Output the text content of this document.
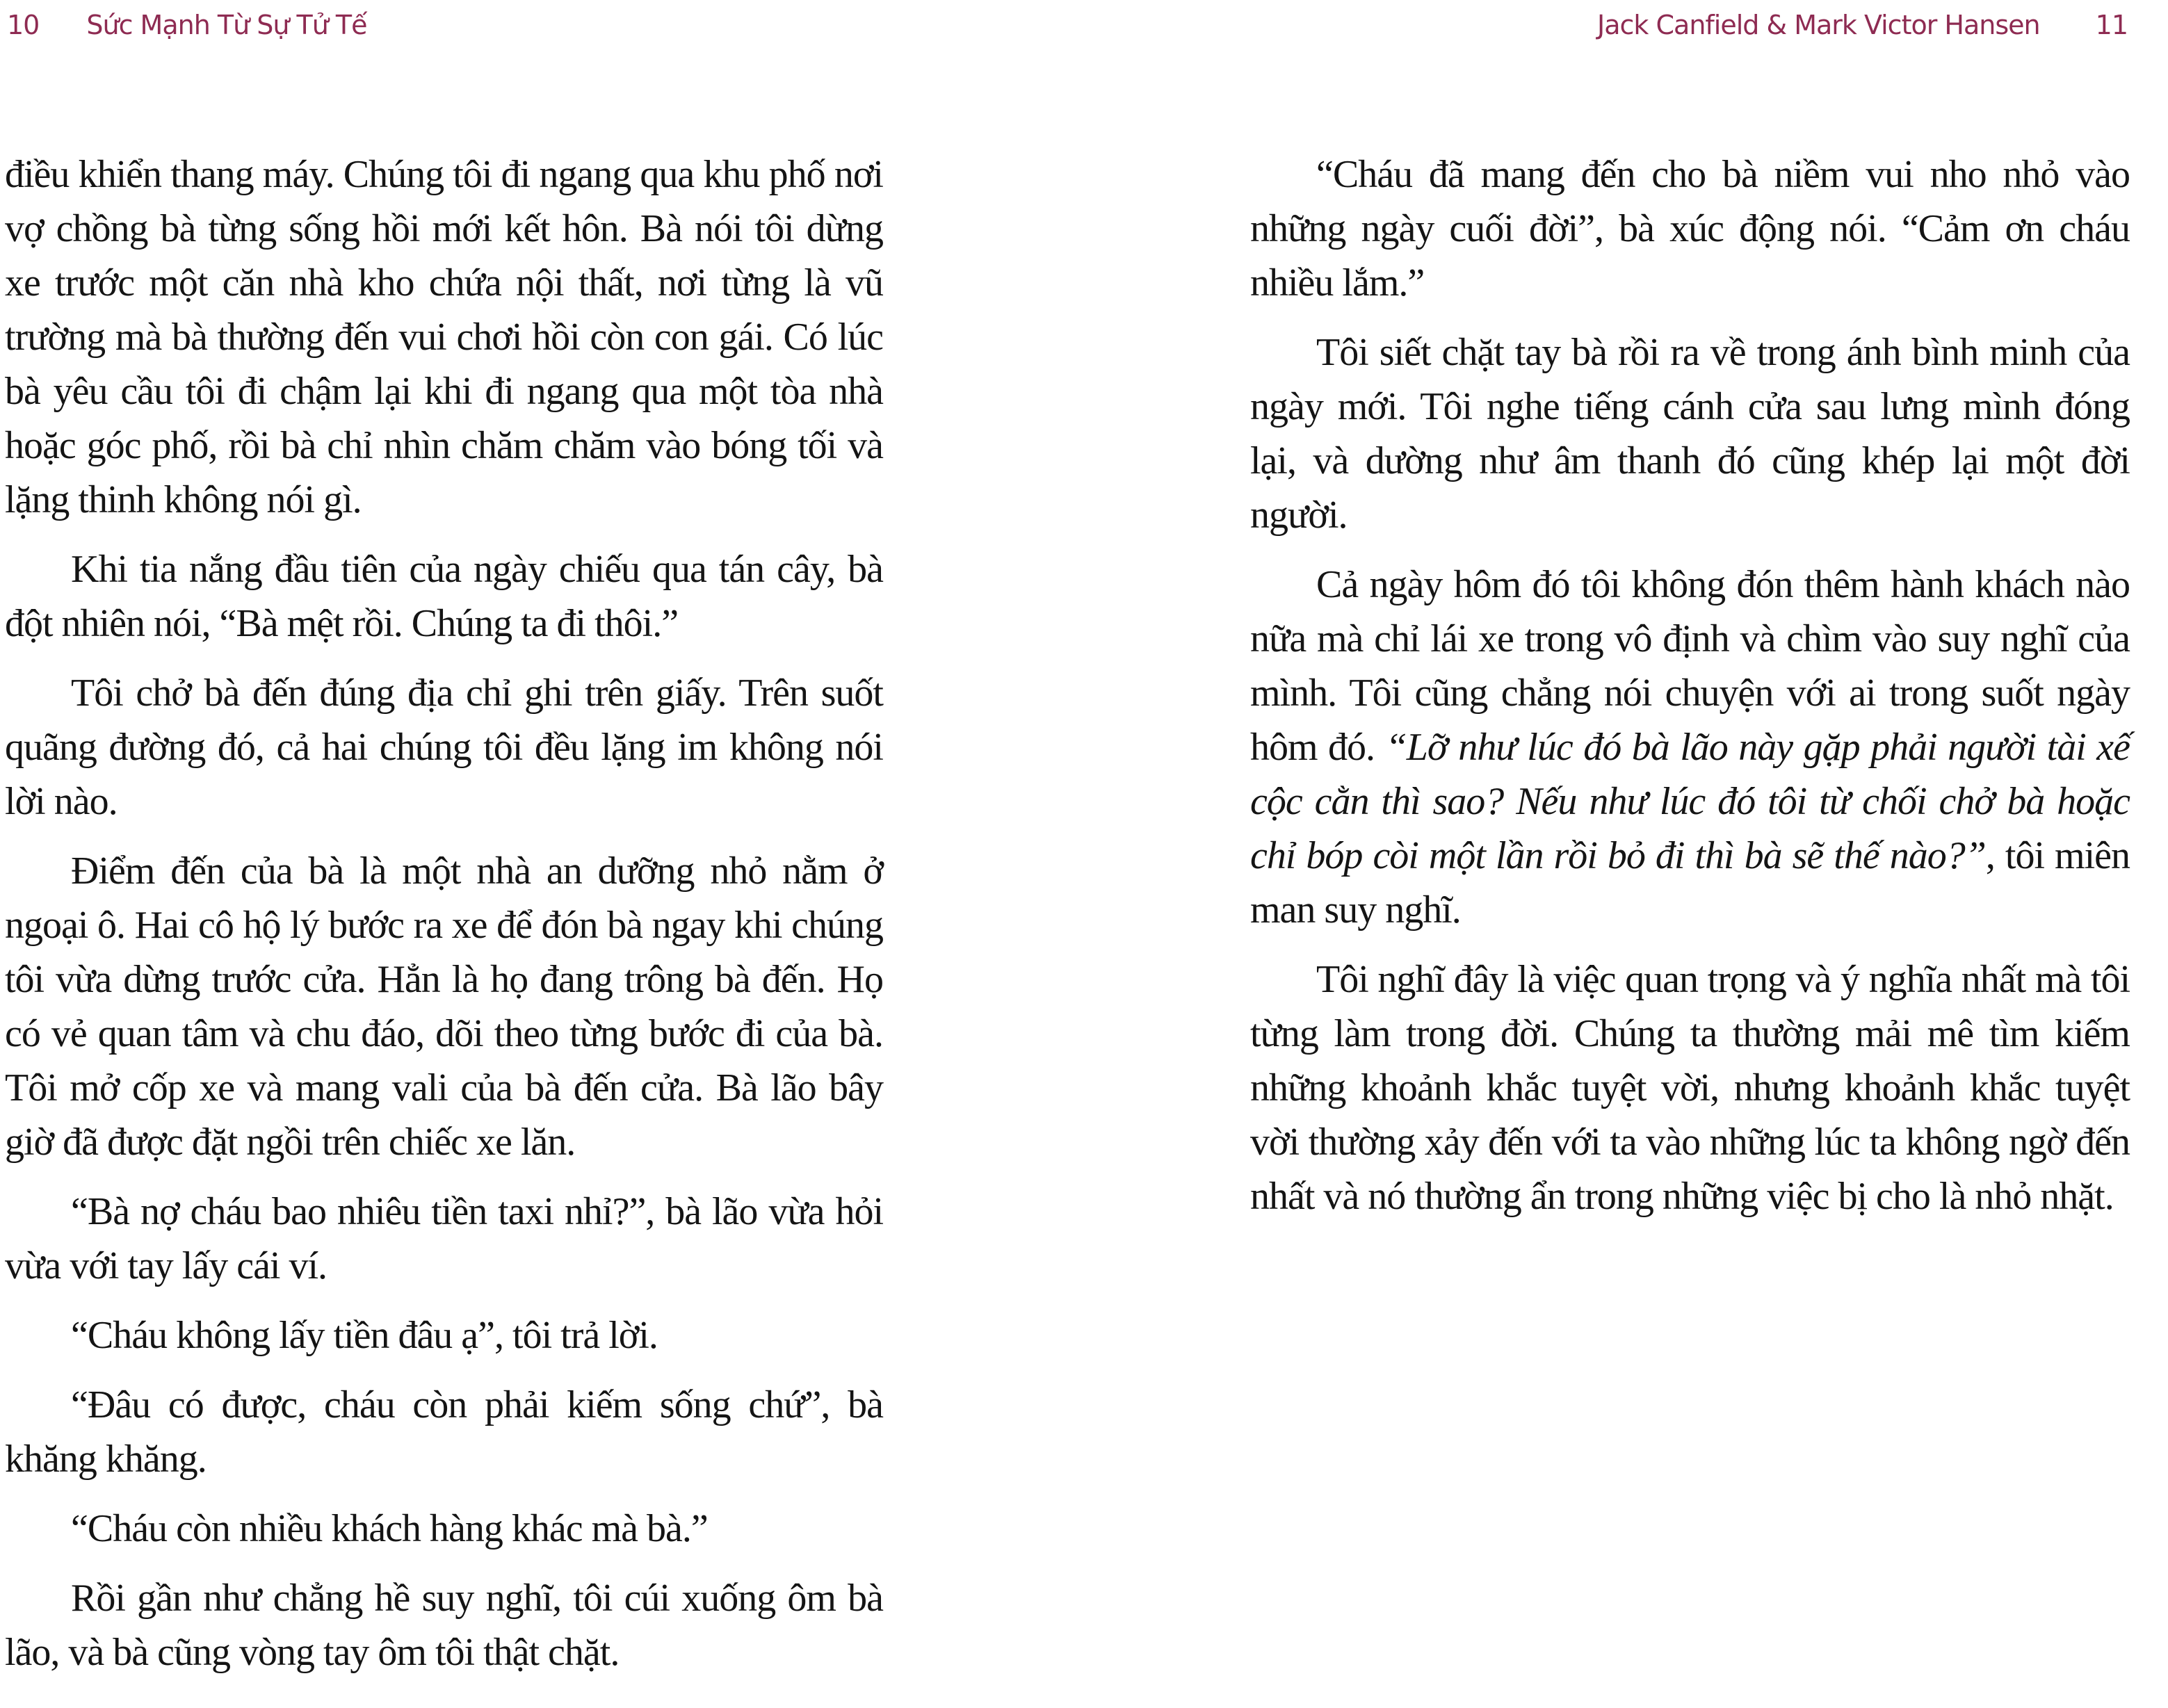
10 Sức Mạnh Từ Sự Tử Tế	Jack Canfield & Mark Victor Hansen 11

điều khiển thang máy. Chúng tôi đi ngang qua khu phố nơi vợ chồng bà từng sống hồi mới kết hôn. Bà nói tôi dừng xe trước một căn nhà kho chứa nội thất, nơi từng là vũ trường mà bà thường đến vui chơi hồi còn con gái. Có lúc bà yêu cầu tôi đi chậm lại khi đi ngang qua một tòa nhà hoặc góc phố, rồi bà chỉ nhìn chăm chăm vào bóng tối và lặng thinh không nói gì.

Khi tia nắng đầu tiên của ngày chiếu qua tán cây, bà đột nhiên nói, “Bà mệt rồi. Chúng ta đi thôi.”

Tôi chở bà đến đúng địa chỉ ghi trên giấy. Trên suốt quãng đường đó, cả hai chúng tôi đều lặng im không nói lời nào.

Điểm đến của bà là một nhà an dưỡng nhỏ nằm ở ngoại ô. Hai cô hộ lý bước ra xe để đón bà ngay khi chúng tôi vừa dừng trước cửa. Hẳn là họ đang trông bà đến. Họ có vẻ quan tâm và chu đáo, dõi theo từng bước đi của bà. Tôi mở cốp xe và mang vali của bà đến cửa. Bà lão bây giờ đã được đặt ngồi trên chiếc xe lăn.

“Bà nợ cháu bao nhiêu tiền taxi nhỉ?”, bà lão vừa hỏi vừa với tay lấy cái ví.

“Cháu không lấy tiền đâu ạ”, tôi trả lời.

“Đâu có được, cháu còn phải kiếm sống chứ”, bà khăng khăng.

“Cháu còn nhiều khách hàng khác mà bà.”

Rồi gần như chẳng hề suy nghĩ, tôi cúi xuống ôm bà lão, và bà cũng vòng tay ôm tôi thật chặt.

“Cháu đã mang đến cho bà niềm vui nho nhỏ vào những ngày cuối đời”, bà xúc động nói. “Cảm ơn cháu nhiều lắm.”

Tôi siết chặt tay bà rồi ra về trong ánh bình minh của ngày mới. Tôi nghe tiếng cánh cửa sau lưng mình đóng lại, và dường như âm thanh đó cũng khép lại một đời người.

Cả ngày hôm đó tôi không đón thêm hành khách nào nữa mà chỉ lái xe trong vô định và chìm vào suy nghĩ của mình. Tôi cũng chẳng nói chuyện với ai trong suốt ngày hôm đó. “Lỡ như lúc đó bà lão này gặp phải người tài xế cộc cằn thì sao? Nếu như lúc đó tôi từ chối chở bà hoặc chỉ bóp còi một lần rồi bỏ đi thì bà sẽ thế nào?”, tôi miên man suy nghĩ.

Tôi nghĩ đây là việc quan trọng và ý nghĩa nhất mà tôi từng làm trong đời. Chúng ta thường mải mê tìm kiếm những khoảnh khắc tuyệt vời, nhưng khoảnh khắc tuyệt vời thường xảy đến với ta vào những lúc ta không ngờ đến nhất và nó thường ẩn trong những việc bị cho là nhỏ nhặt.
